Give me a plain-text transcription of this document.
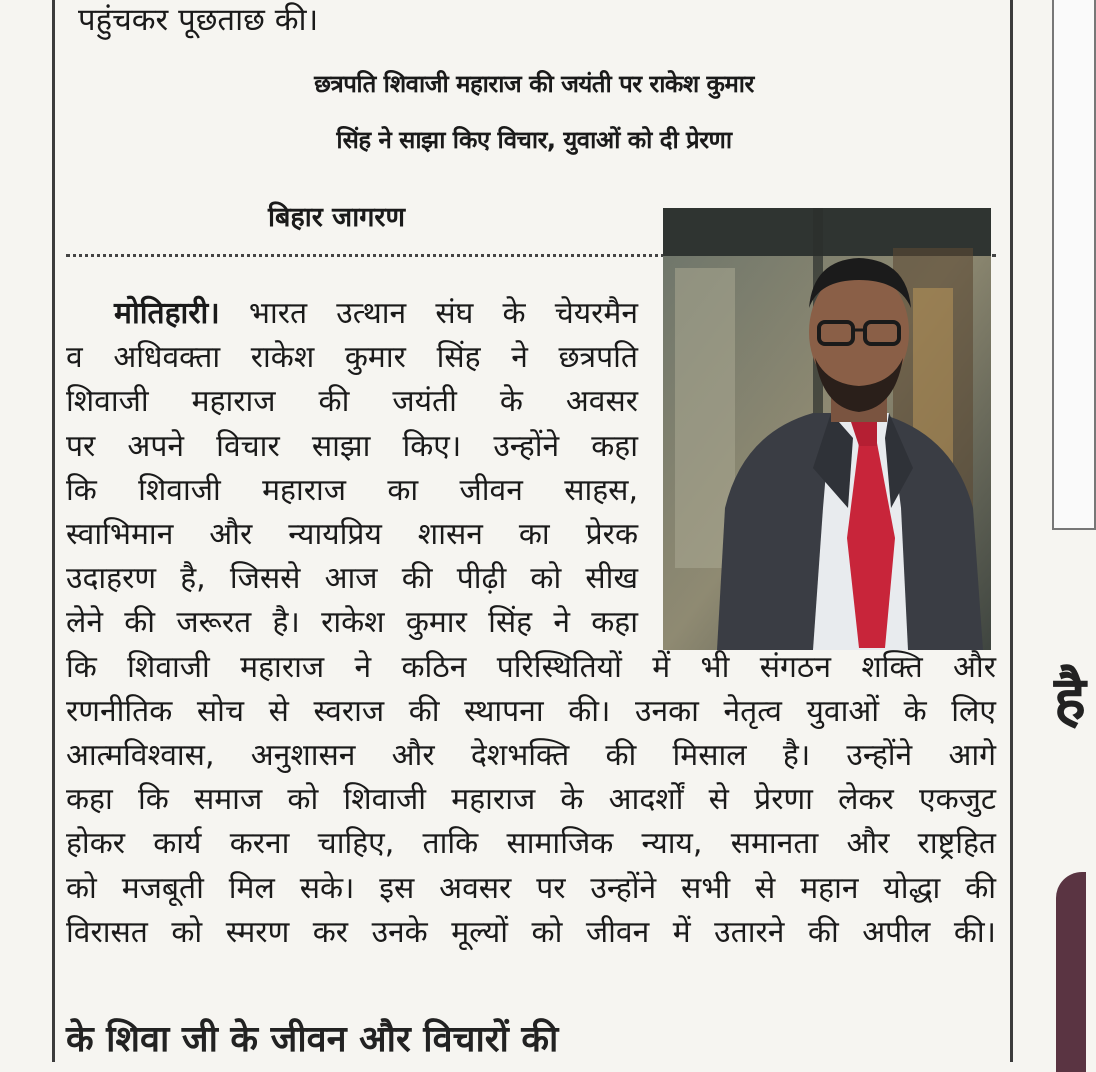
है
पहुंचकर पूछताछ की।
छत्रपति शिवाजी महाराज की जयंती पर राकेश कुमार
सिंह ने साझा किए विचार, युवाओं को दी प्रेरणा
बिहार जागरण
मोतिहारी। भारत उत्थान संघ के चेयरमैन
व अधिवक्ता राकेश कुमार सिंह ने छत्रपति
शिवाजी महाराज की जयंती के अवसर
पर अपने विचार साझा किए। उन्होंने कहा
कि शिवाजी महाराज का जीवन साहस,
स्वाभिमान और न्यायप्रिय शासन का प्रेरक
उदाहरण है, जिससे आज की पीढ़ी को सीख
लेने की जरूरत है। राकेश कुमार सिंह ने कहा
कि शिवाजी महाराज ने कठिन परिस्थितियों में भी संगठन शक्ति और
रणनीतिक सोच से स्वराज की स्थापना की। उनका नेतृत्व युवाओं के लिए
आत्मविश्वास, अनुशासन और देशभक्ति की मिसाल है। उन्होंने आगे
कहा कि समाज को शिवाजी महाराज के आदर्शों से प्रेरणा लेकर एकजुट
होकर कार्य करना चाहिए, ताकि सामाजिक न्याय, समानता और राष्ट्रहित
को मजबूती मिल सके। इस अवसर पर उन्होंने सभी से महान योद्धा की
विरासत को स्मरण कर उनके मूल्यों को जीवन में उतारने की अपील की।
के शिवा जी के जीवन और विचारों की
